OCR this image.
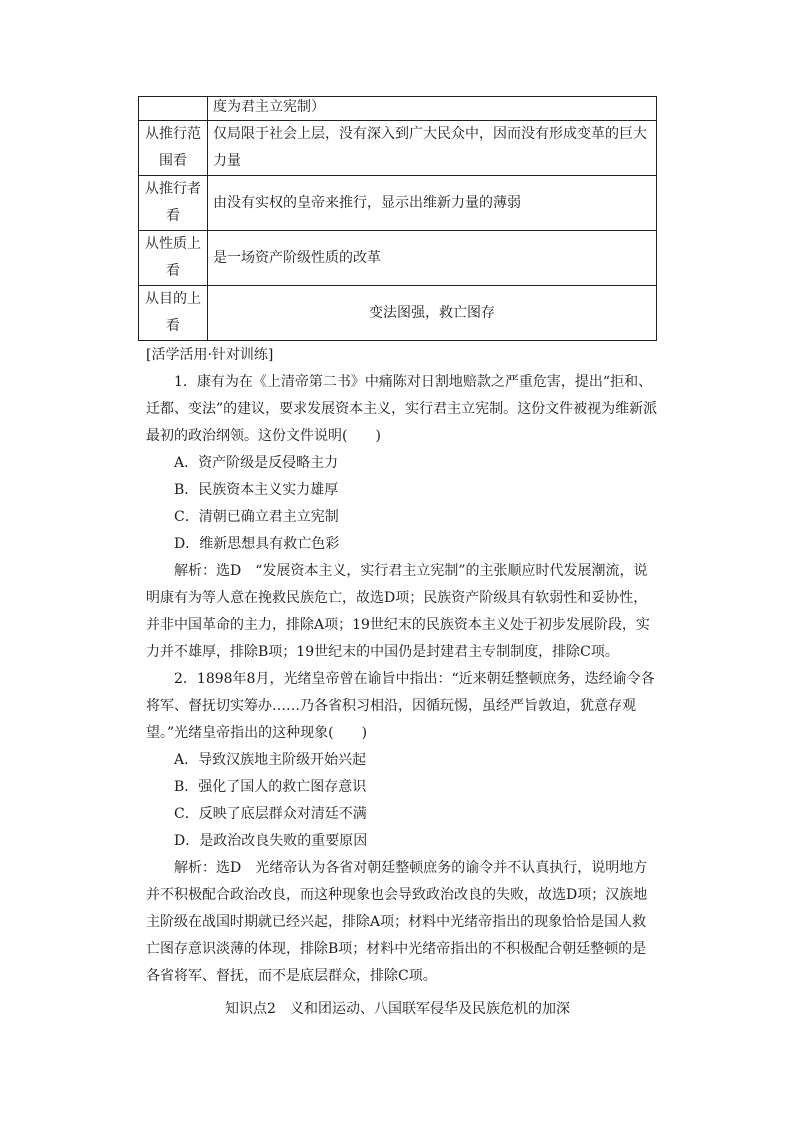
	度为君主立宪制）
从推行范围看	仅局限于社会上层，没有深入到广大民众中，因而没有形成变革的巨大力量
从推行者看	由没有实权的皇帝来推行，显示出维新力量的薄弱
从性质上看	是一场资产阶级性质的改革
从目的上看	变法图强，救亡图存

[活学活用·针对训练]

1．康有为在《上清帝第二书》中痛陈对日割地赔款之严重危害，提出“拒和、迁都、变法”的建议，要求发展资本主义，实行君主立宪制。这份文件被视为维新派最初的政治纲领。这份文件说明(　　)

A．资产阶级是反侵略主力

B．民族资本主义实力雄厚

C．清朝已确立君主立宪制

D．维新思想具有救亡色彩

解析：选D　“发展资本主义，实行君主立宪制”的主张顺应时代发展潮流，说明康有为等人意在挽救民族危亡，故选D项；民族资产阶级具有软弱性和妥协性，并非中国革命的主力，排除A项；19世纪末的民族资本主义处于初步发展阶段，实力并不雄厚，排除B项；19世纪末的中国仍是封建君主专制制度，排除C项。

2．1898年8月，光绪皇帝曾在谕旨中指出：“近来朝廷整顿庶务，迭经谕令各将军、督抚切实筹办……乃各省积习相沿，因循玩惕，虽经严旨敦迫，犹意存观望。”光绪皇帝指出的这种现象(　　)

A．导致汉族地主阶级开始兴起

B．强化了国人的救亡图存意识

C．反映了底层群众对清廷不满

D．是政治改良失败的重要原因

解析：选D　光绪帝认为各省对朝廷整顿庶务的谕令并不认真执行，说明地方并不积极配合政治改良，而这种现象也会导致政治改良的失败，故选D项；汉族地主阶级在战国时期就已经兴起，排除A项；材料中光绪帝指出的现象恰恰是国人救亡图存意识淡薄的体现，排除B项；材料中光绪帝指出的不积极配合朝廷整顿的是各省将军、督抚，而不是底层群众，排除C项。

知识点2　义和团运动、八国联军侵华及民族危机的加深
